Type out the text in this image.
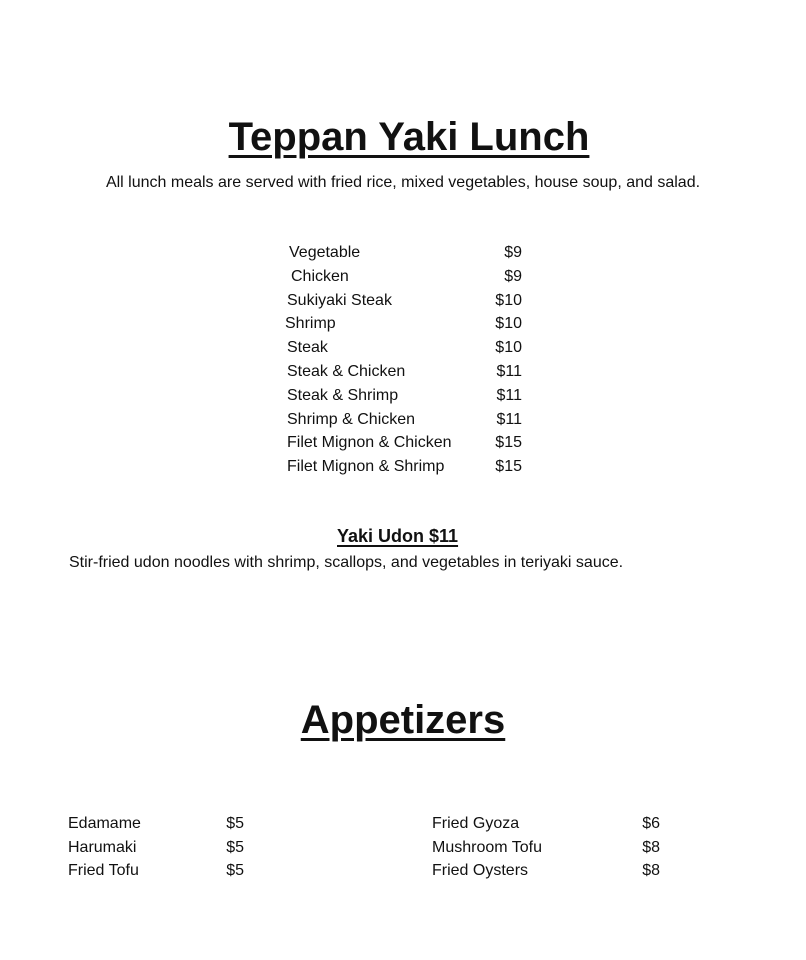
Teppan Yaki Lunch
All lunch meals are served with fried rice, mixed vegetables, house soup, and salad.
Vegetable	$9
Chicken	$9
Sukiyaki Steak	$10
Shrimp	$10
Steak	$10
Steak & Chicken	$11
Steak & Shrimp	$11
Shrimp & Chicken	$11
Filet Mignon & Chicken	$15
Filet Mignon & Shrimp	$15
Yaki Udon $11
Stir-fried udon noodles with shrimp, scallops, and vegetables in teriyaki sauce.
Appetizers
Edamame	$5
Harumaki	$5
Fried Tofu	$5
Fried Gyoza	$6
Mushroom Tofu	$8
Fried Oysters	$8
